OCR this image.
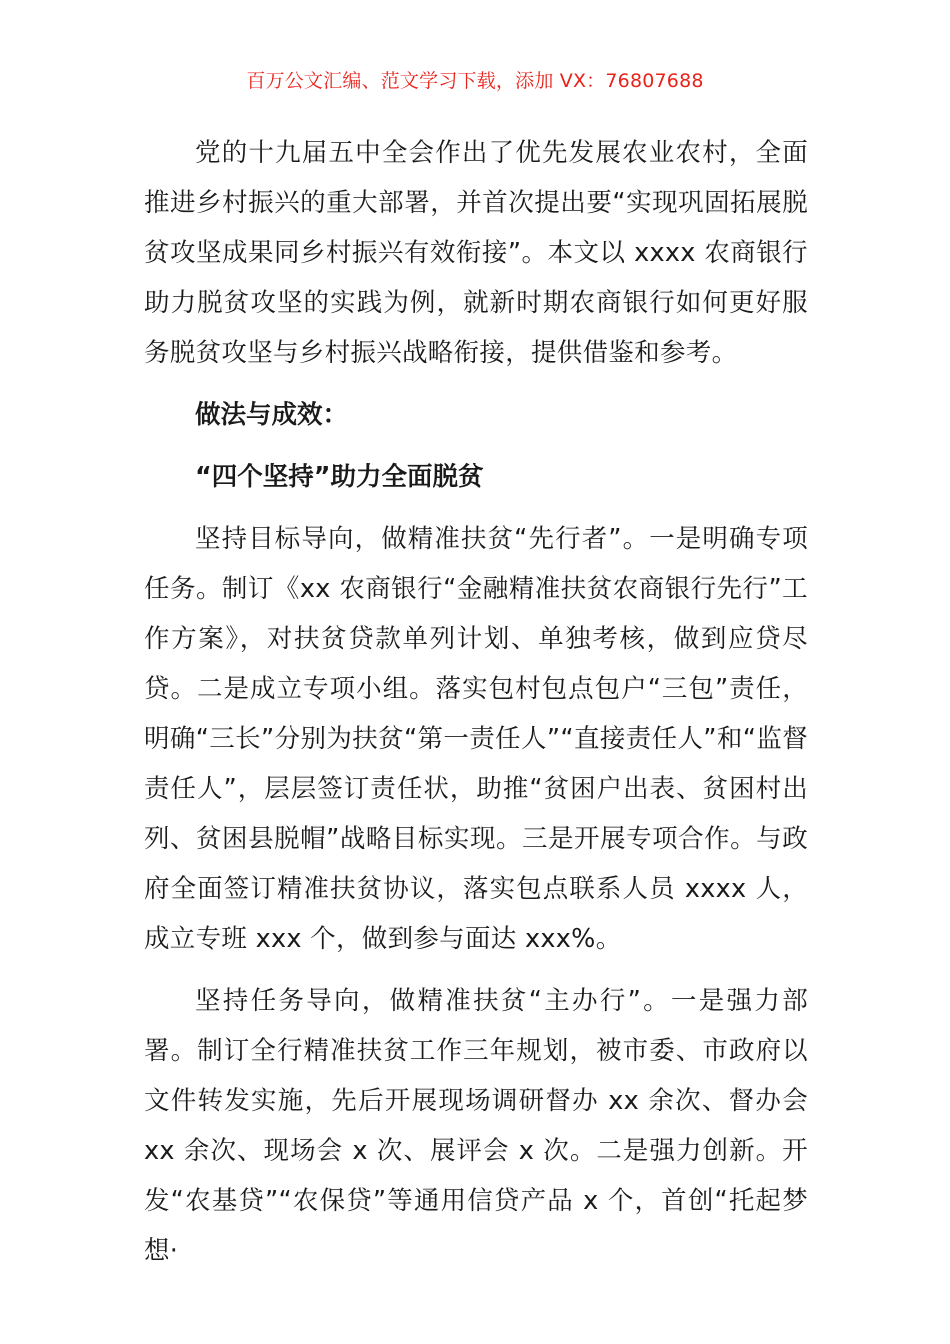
百万公文汇编、范文学习下载，添加 VX：76807688

党的十九届五中全会作出了优先发展农业农村，全面推进乡村振兴的重大部署，并首次提出要“实现巩固拓展脱贫攻坚成果同乡村振兴有效衔接”。本文以 xxxx 农商银行助力脱贫攻坚的实践为例，就新时期农商银行如何更好服务脱贫攻坚与乡村振兴战略衔接，提供借鉴和参考。

做法与成效：

“四个坚持”助力全面脱贫

坚持目标导向，做精准扶贫“先行者”。一是明确专项任务。制订《xx 农商银行“金融精准扶贫农商银行先行”工作方案》，对扶贫贷款单列计划、单独考核，做到应贷尽贷。二是成立专项小组。落实包村包点包户“三包”责任，明确“三长”分别为扶贫“第一责任人”“直接责任人”和“监督责任人”，层层签订责任状，助推“贫困户出表、贫困村出列、贫困县脱帽”战略目标实现。三是开展专项合作。与政府全面签订精准扶贫协议，落实包点联系人员 xxxx 人，成立专班 xxx 个，做到参与面达 xxx%。

坚持任务导向，做精准扶贫“主办行”。一是强力部署。制订全行精准扶贫工作三年规划，被市委、市政府以文件转发实施，先后开展现场调研督办 xx 余次、督办会 xx 余次、现场会 x 次、展评会 x 次。二是强力创新。开发“农基贷”“农保贷”等通用信贷产品 x 个，首创“托起梦想·
